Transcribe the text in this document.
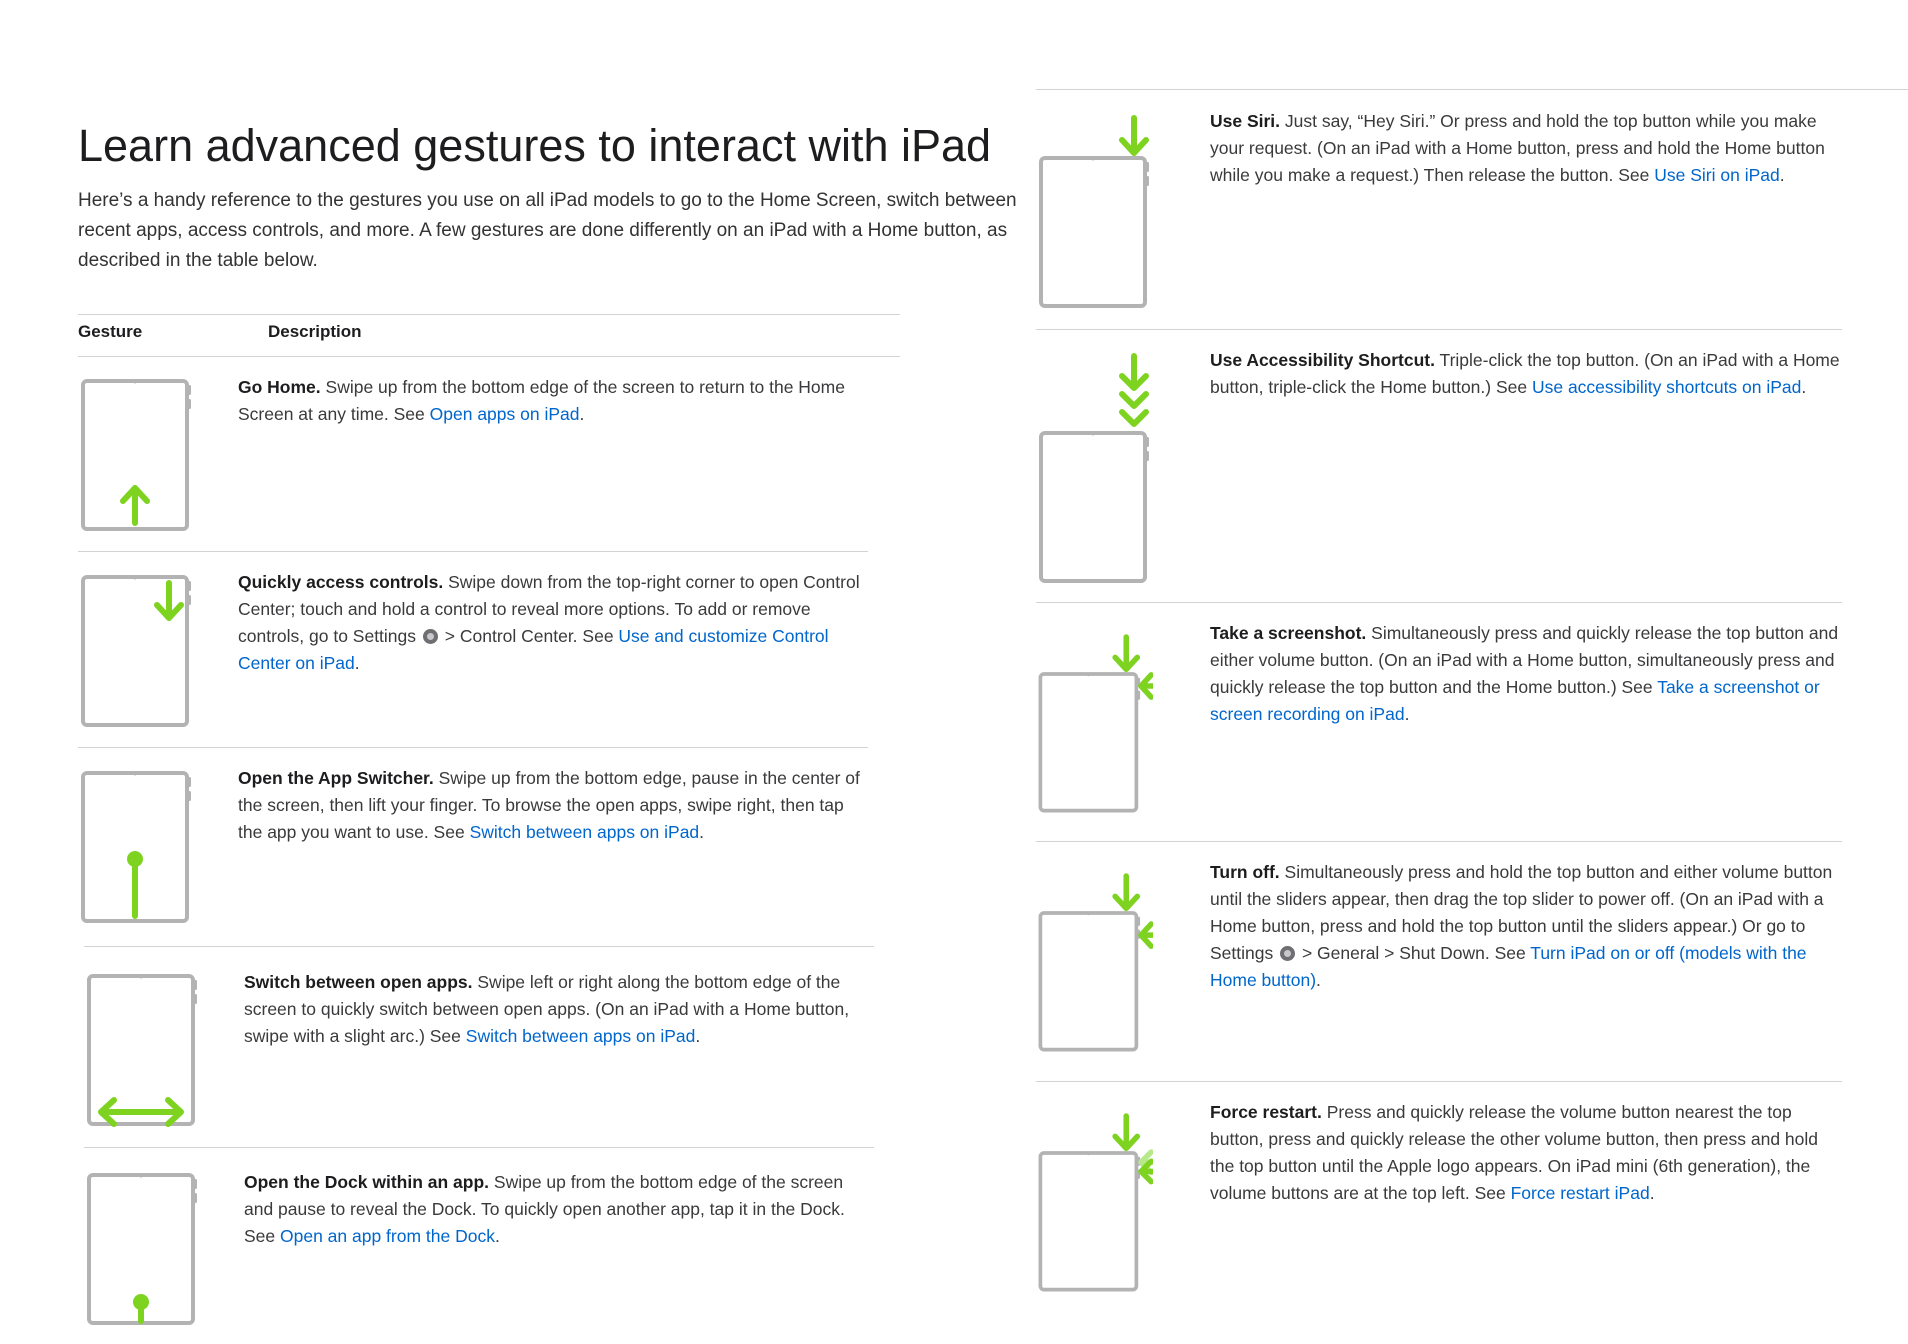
Learn advanced gestures to interact with iPad

Here’s a handy reference to the gestures you use on all iPad models to go to the Home Screen, switch between recent apps, access controls, and more. A few gestures are done differently on an iPad with a Home button, as described in the table below.

Gesture	Description

Go Home. Swipe up from the bottom edge of the screen to return to the Home Screen at any time. See Open apps on iPad.

Quickly access controls. Swipe down from the top-right corner to open Control Center; touch and hold a control to reveal more options. To add or remove controls, go to Settings  > Control Center. See Use and customize Control Center on iPad.

Open the App Switcher. Swipe up from the bottom edge, pause in the center of the screen, then lift your finger. To browse the open apps, swipe right, then tap the app you want to use. See Switch between apps on iPad.

Switch between open apps. Swipe left or right along the bottom edge of the screen to quickly switch between open apps. (On an iPad with a Home button, swipe with a slight arc.) See Switch between apps on iPad.

Open the Dock within an app. Swipe up from the bottom edge of the screen and pause to reveal the Dock. To quickly open another app, tap it in the Dock. See Open an app from the Dock.

Use Siri. Just say, “Hey Siri.” Or press and hold the top button while you make your request. (On an iPad with a Home button, press and hold the Home button while you make a request.) Then release the button. See Use Siri on iPad.

Use Accessibility Shortcut. Triple-click the top button. (On an iPad with a Home button, triple-click the Home button.) See Use accessibility shortcuts on iPad.

Take a screenshot. Simultaneously press and quickly release the top button and either volume button. (On an iPad with a Home button, simultaneously press and quickly release the top button and the Home button.) See Take a screenshot or screen recording on iPad.

Turn off. Simultaneously press and hold the top button and either volume button until the sliders appear, then drag the top slider to power off. (On an iPad with a Home button, press and hold the top button until the sliders appear.) Or go to Settings  > General > Shut Down. See Turn iPad on or off (models with the Home button).

Force restart. Press and quickly release the volume button nearest the top button, press and quickly release the other volume button, then press and hold the top button until the Apple logo appears. On iPad mini (6th generation), the volume buttons are at the top left. See Force restart iPad.
